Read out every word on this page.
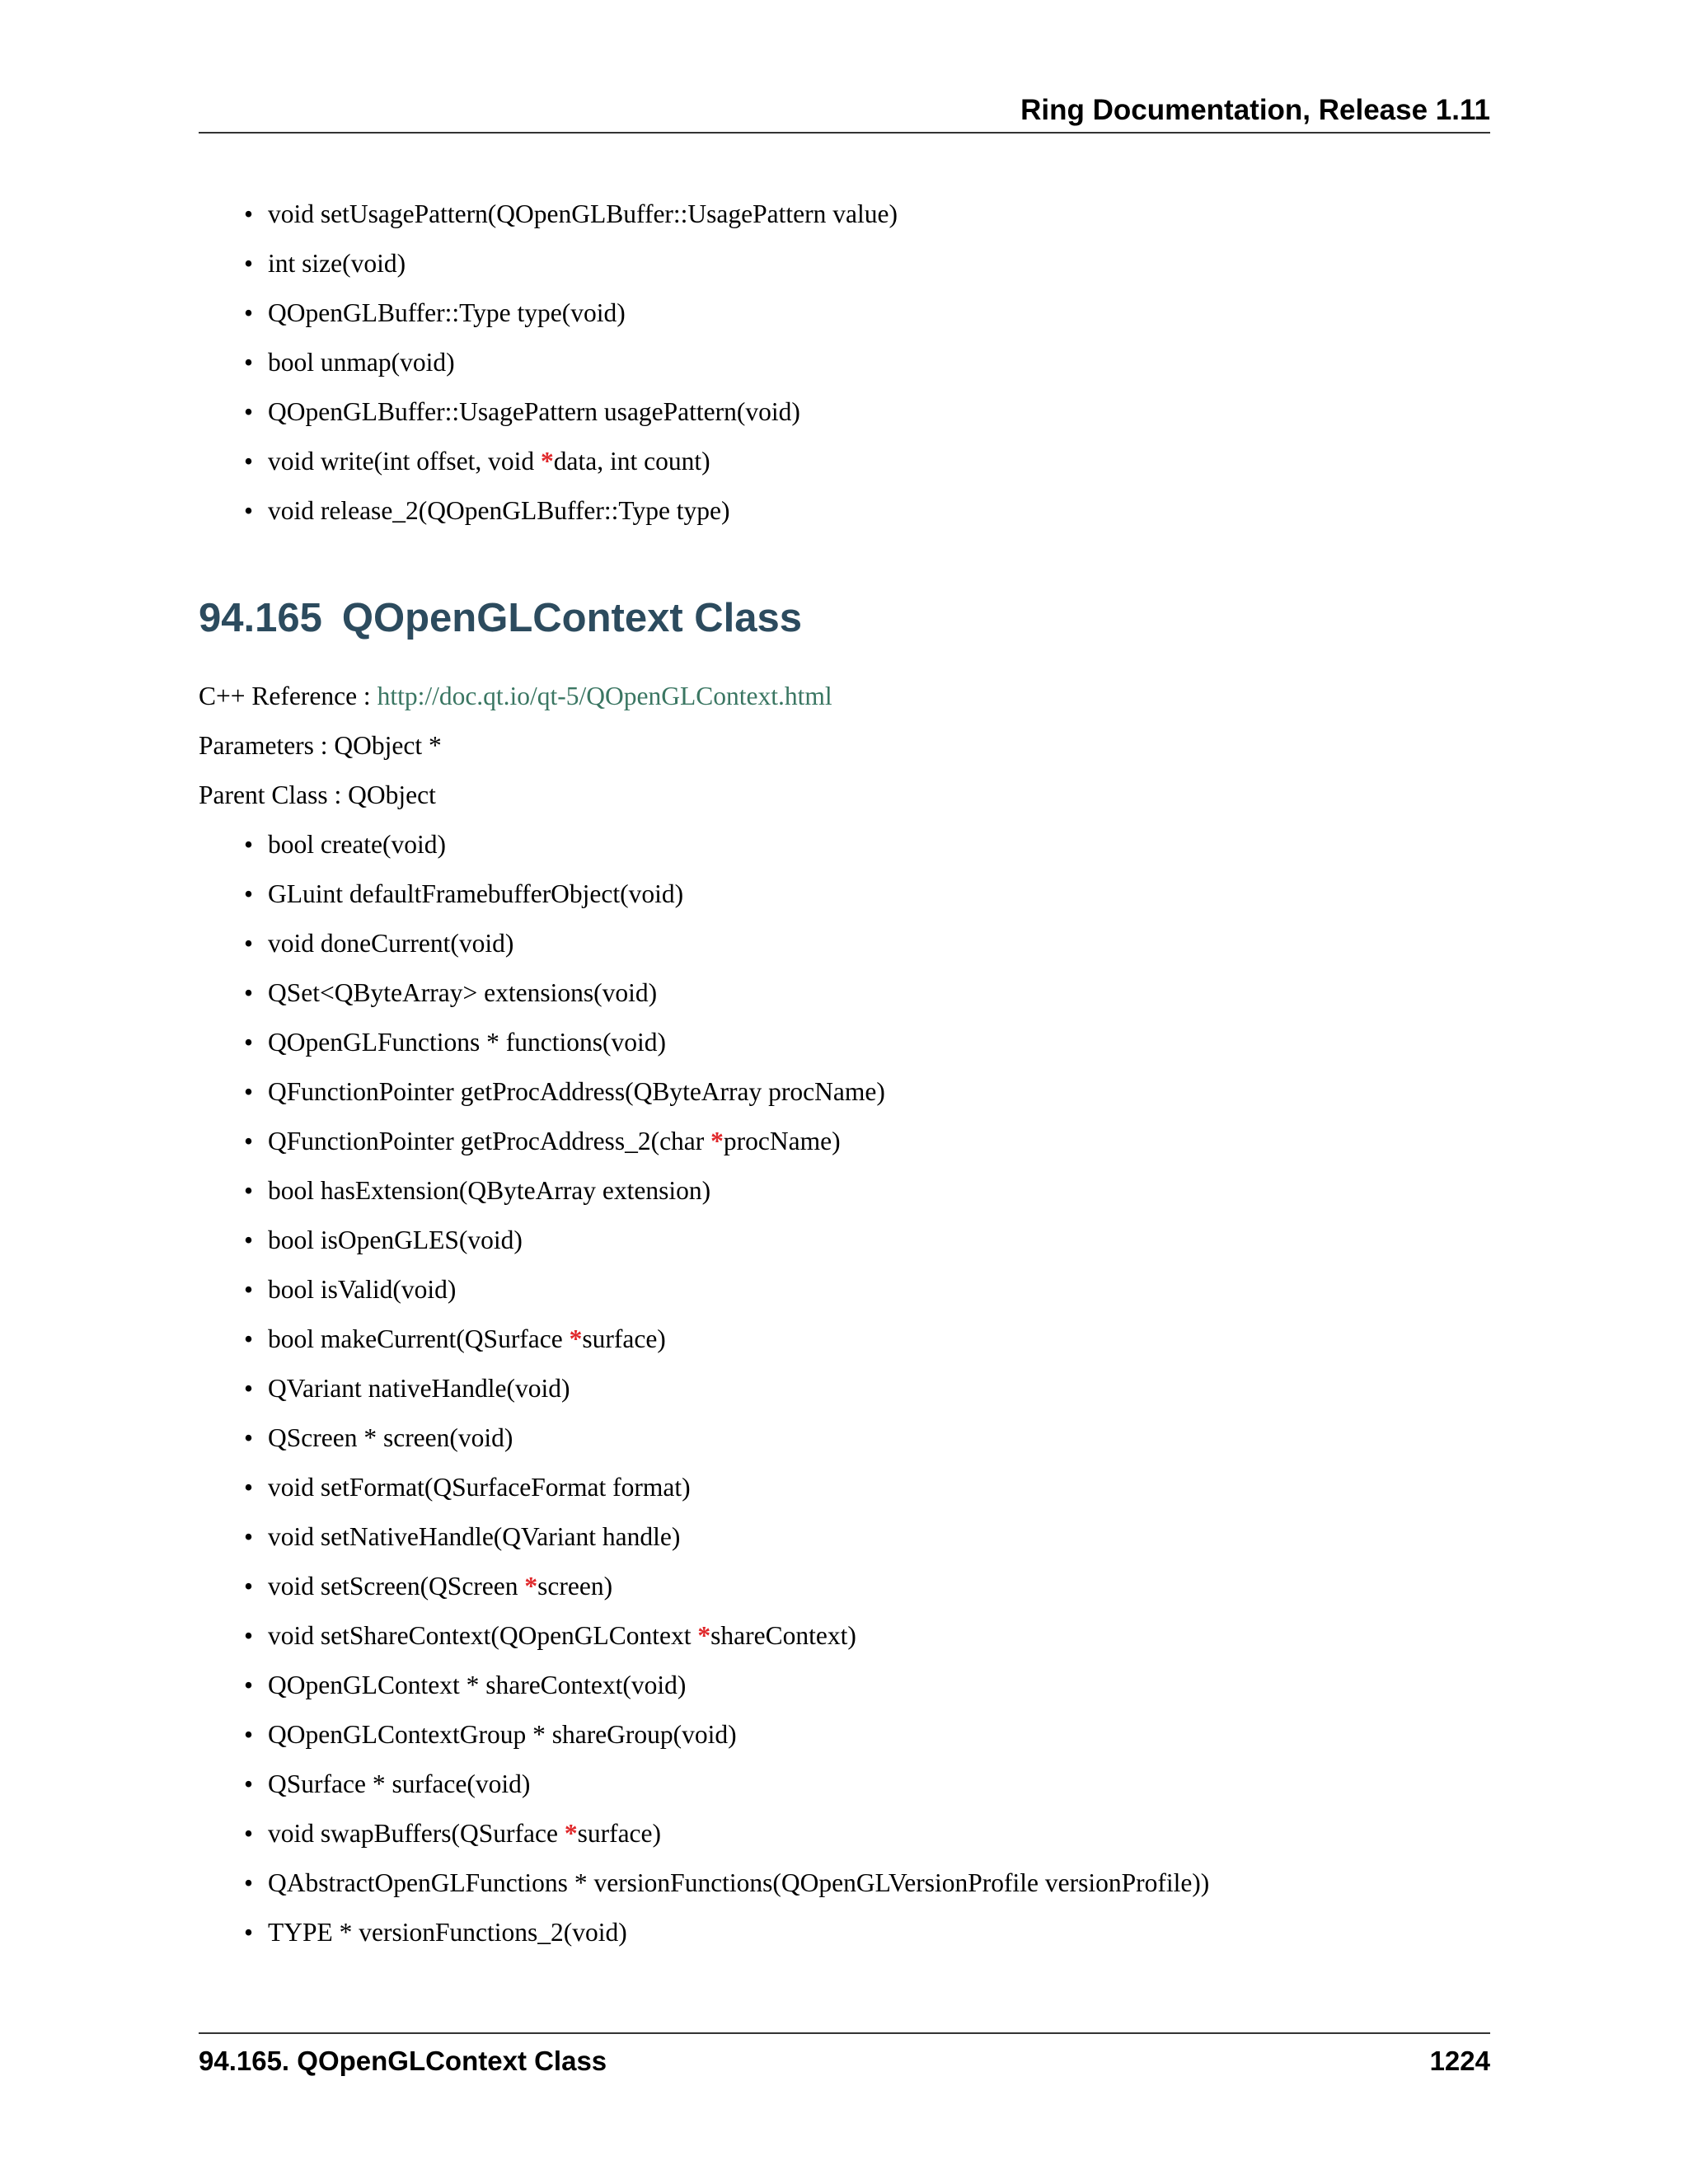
Ring Documentation, Release 1.11
• void setUsagePattern(QOpenGLBuffer::UsagePattern value)
• int size(void)
• QOpenGLBuffer::Type type(void)
• bool unmap(void)
• QOpenGLBuffer::UsagePattern usagePattern(void)
• void write(int offset, void *data, int count)
• void release_2(QOpenGLBuffer::Type type)
94.165 QOpenGLContext Class
C++ Reference : http://doc.qt.io/qt-5/QOpenGLContext.html
Parameters : QObject *
Parent Class : QObject
• bool create(void)
• GLuint defaultFramebufferObject(void)
• void doneCurrent(void)
• QSet<QByteArray> extensions(void)
• QOpenGLFunctions * functions(void)
• QFunctionPointer getProcAddress(QByteArray procName)
• QFunctionPointer getProcAddress_2(char *procName)
• bool hasExtension(QByteArray extension)
• bool isOpenGLES(void)
• bool isValid(void)
• bool makeCurrent(QSurface *surface)
• QVariant nativeHandle(void)
• QScreen * screen(void)
• void setFormat(QSurfaceFormat format)
• void setNativeHandle(QVariant handle)
• void setScreen(QScreen *screen)
• void setShareContext(QOpenGLContext *shareContext)
• QOpenGLContext * shareContext(void)
• QOpenGLContextGroup * shareGroup(void)
• QSurface * surface(void)
• void swapBuffers(QSurface *surface)
• QAbstractOpenGLFunctions * versionFunctions(QOpenGLVersionProfile versionProfile))
• TYPE * versionFunctions_2(void)
94.165. QOpenGLContext Class	1224
